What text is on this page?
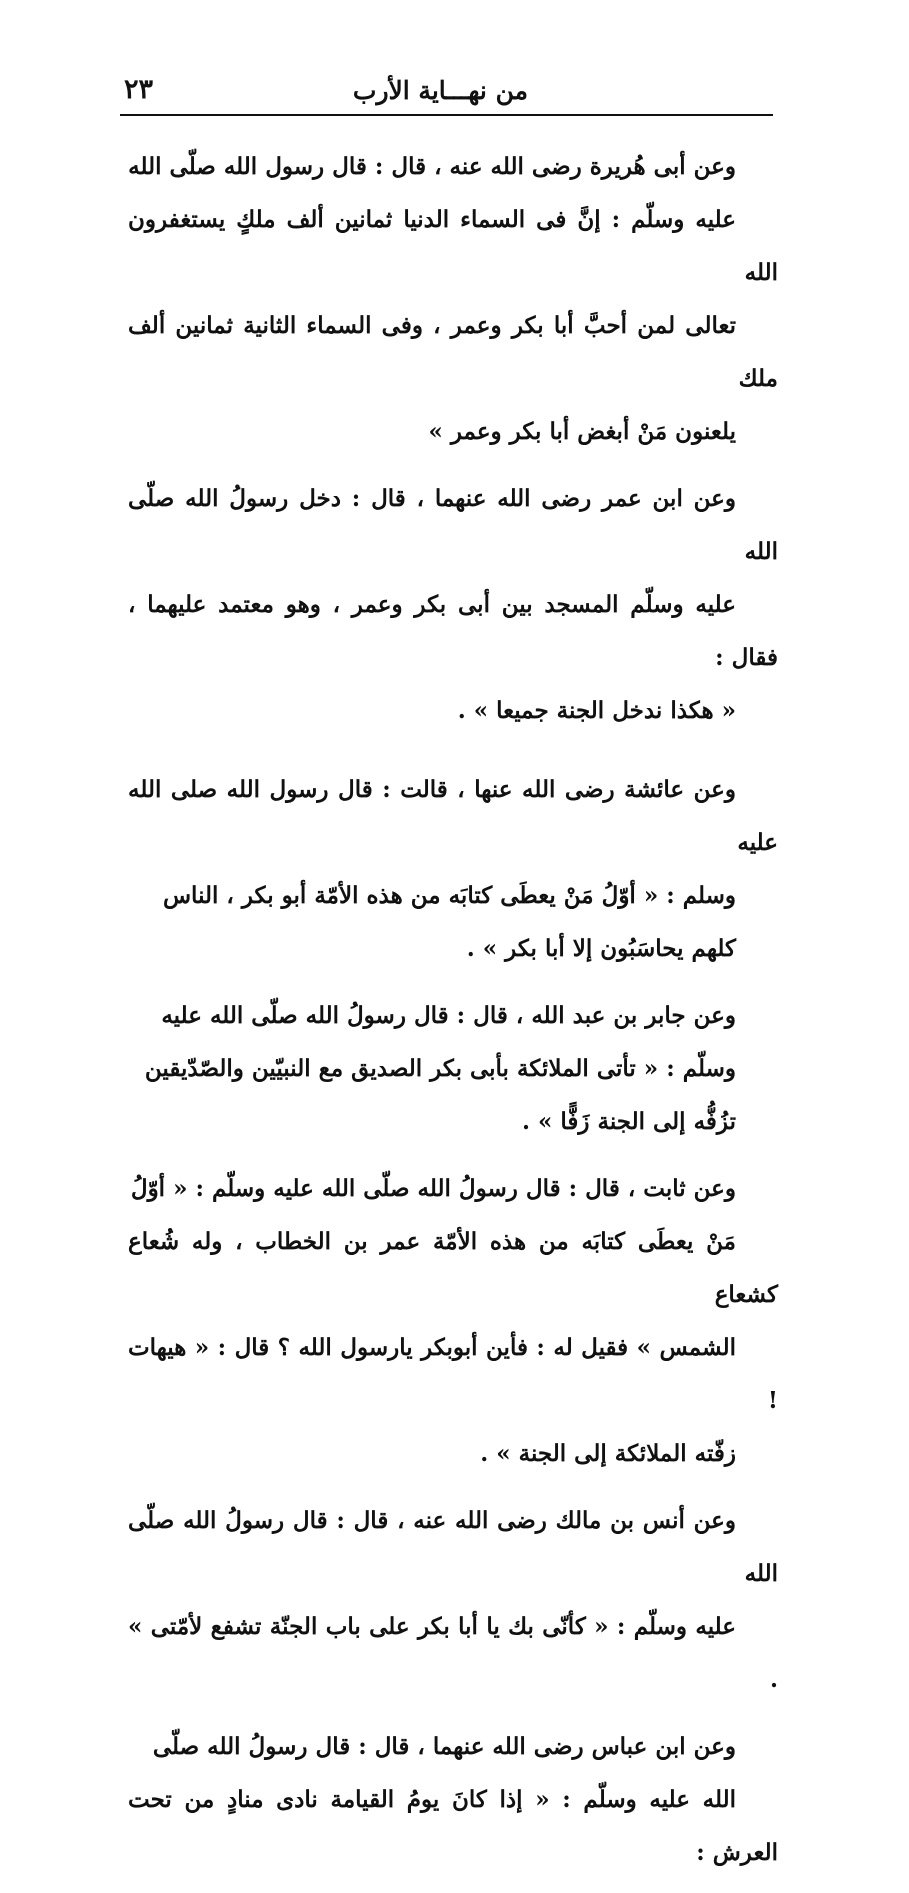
من نهـــاية الأرب
٢٣
وعن أبى هُريرة رضى الله عنه ، قال : قال رسول الله صلّى الله
عليه وسلّم : إنَّ فى السماء الدنيا ثمانين ألف ملكٍ يستغفرون الله
تعالى لمن أحبَّ أبا بكر وعمر ، وفى السماء الثانية ثمانين ألف ملك
يلعنون مَنْ أبغض أبا بكر وعمر »
وعن ابن عمر رضى الله عنهما ، قال : دخل رسولُ الله صلّى الله
عليه وسلّم المسجد بين أبى بكر وعمر ، وهو معتمد عليهما ، فقال :
« هكذا ندخل الجنة جميعا » .
وعن عائشة رضى الله عنها ، قالت : قال رسول الله صلى الله عليه
وسلم : « أوّلُ مَنْ يعطَى كتابَه من هذه الأمّة أبو بكر ، الناس
كلهم يحاسَبُون إلا أبا بكر » .
وعن جابر بن عبد الله ، قال : قال رسولُ الله صلّى الله عليه
وسلّم : « تأتى الملائكة بأبى بكر الصديق مع النبيّين والصّدّيقين
تزُفُّه إلى الجنة زَفًّا » .
وعن ثابت ، قال : قال رسولُ الله صلّى الله عليه وسلّم : « أوّلُ
مَنْ يعطَى كتابَه من هذه الأمّة عمر بن الخطاب ، وله شُعاع كشعاع
الشمس » فقيل له : فأين أبوبكر يارسول الله ؟ قال : « هيهات !
زفّته الملائكة إلى الجنة » .
وعن أنس بن مالك رضى الله عنه ، قال : قال رسولُ الله صلّى الله
عليه وسلّم : « كأنّى بك يا أبا بكر على باب الجنّة تشفع لأمّتى » .
وعن ابن عباس رضى الله عنهما ، قال : قال رسولُ الله صلّى
الله عليه وسلّم : « إذا كانَ يومُ القيامة نادى منادٍ من تحت العرش :
